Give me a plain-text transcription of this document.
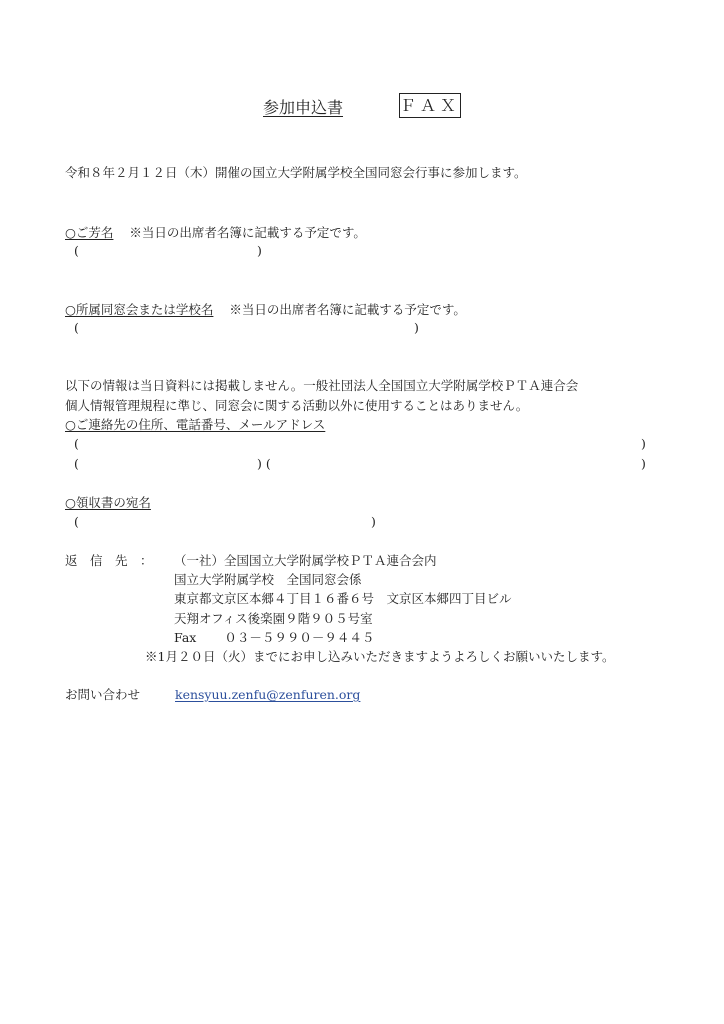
参加申込書	ＦＡＸ
令和８年２月１２日（木）開催の国立大学附属学校全国同窓会行事に参加します。
○ご芳名 ※当日の出席者名簿に記載する予定です。
(	)
○所属同窓会または学校名 ※当日の出席者名簿に記載する予定です。
(	)
以下の情報は当日資料には掲載しません。一般社団法人全国国立大学附属学校ＰＴＡ連合会
個人情報管理規程に準じ、同窓会に関する活動以外に使用することはありません。
○ご連絡先の住所、電話番号、メールアドレス
(	)
(	) (	)
○領収書の宛名
(	)
返　信　先　： （一社）全国国立大学附属学校ＰＴＡ連合会内
国立大学附属学校　全国同窓会係
東京都文京区本郷４丁目１６番６号　文京区本郷四丁目ビル
天翔オフィス後楽園９階９０５号室
Fax ０３－５９９０－９４４５
※1月２０日（火）までにお申し込みいただきますようよろしくお願いいたします。
お問い合わせ	kensyuu.zenfu@zenfuren.org
